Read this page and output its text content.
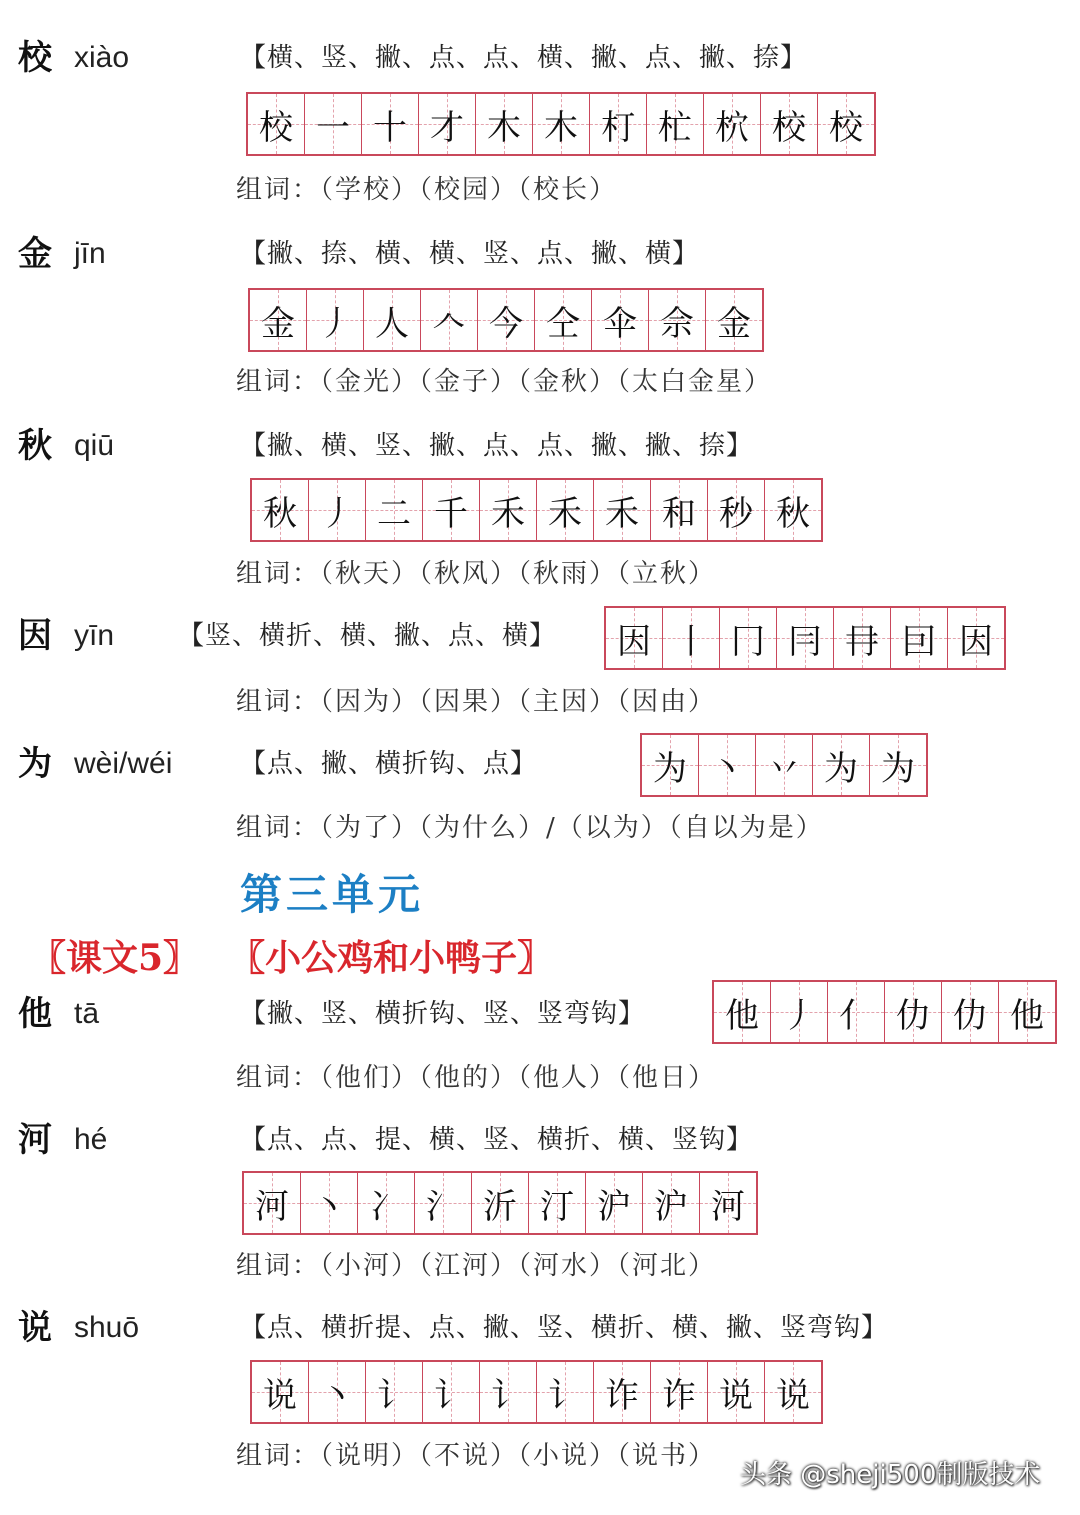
校 xiào	【横、竖、撇、点、点、横、撇、点、撇、捺】
校 一 十 才 木 木 朾 杧 柼 校 校
组词：（学校）（校园）（校长）
金 jīn	【撇、捺、横、横、竖、点、撇、横】
金 丿 人 𠆢 今 仝 伞 佘 金
组词：（金光）（金子）（金秋）（太白金星）
秋 qiū	【撇、横、竖、撇、点、点、撇、撇、捺】
秋 丿 二 千 禾 禾 禾 和 秒 秋
组词：（秋天）（秋风）（秋雨）（立秋）
因 yīn 【竖、横折、横、撇、点、横】 因 丨 冂 冃 冄 囙 因
组词：（因为）（因果）（主因）（因由）
为 wèi/wéi	【点、撇、横折钩、点】	为 丶 丷 为 为
组词：（为了）（为什么）/（以为）（自以为是）
他 tā	【撇、竖、横折钩、竖、竖弯钩】 他 丿 亻 仂 仂 他
组词：（他们）（他的）（他人）（他日）
河 hé	【点、点、提、横、竖、横折、横、竖钩】
河 丶 冫 氵 沂 汀 沪 沪 河
组词：（小河）（江河）（河水）（河北）
说 shuō	【点、横折提、点、撇、竖、横折、横、撇、竖弯钩】
说 丶 讠 讠 讠 讠 诈 诈 说 说
组词：（说明）（不说）（小说）（说书）
第三单元
〖课文5〗 〖小公鸡和小鸭子〗
头条 @sheji500制版技术
